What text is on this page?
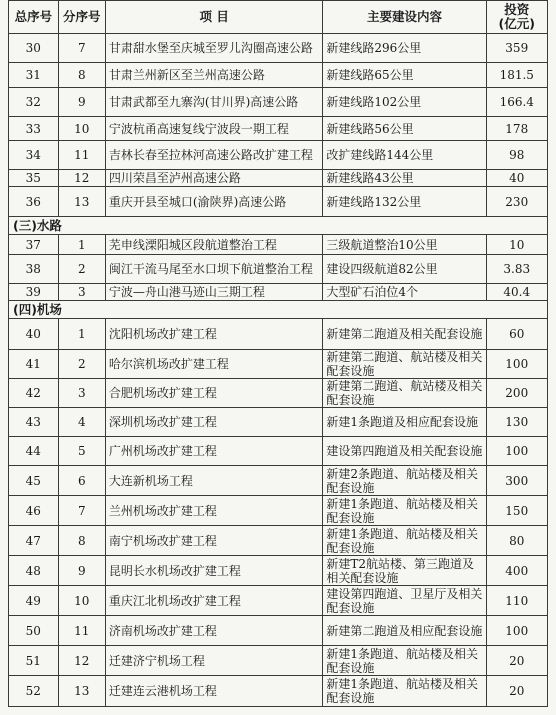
总序号	分序号	项 目	主要建设内容	投资
(亿元)
30	7	甘肃甜水堡至庆城至罗儿沟圈高速公路	新建线路296公里	359
31	8	甘肃兰州新区至兰州高速公路	新建线路65公里	181.5
32	9	甘肃武都至九寨沟(甘川界)高速公路	新建线路102公里	166.4
33	10	宁波杭甬高速复线宁波段一期工程	新建线路56公里	178
34	11	吉林长春至拉林河高速公路改扩建工程	改扩建线路144公里	98
35	12	四川荣昌至泸州高速公路	新建线路43公里	40
36	13	重庆开县至城口(渝陕界)高速公路	新建线路132公里	230
(三)水路				
37	1	芜申线溧阳城区段航道整治工程	三级航道整治10公里	10
38	2	闽江干流马尾至水口坝下航道整治工程	建设四级航道82公里	3.83
39	3	宁波—舟山港马迹山三期工程	大型矿石泊位4个	40.4
(四)机场				
40	1	沈阳机场改扩建工程	新建第二跑道及相关配套设施	60
41	2	哈尔滨机场改扩建工程	新建第二跑道、航站楼及相关配套设施	100
42	3	合肥机场改扩建工程	新建第二跑道、航站楼及相关配套设施	200
43	4	深圳机场改扩建工程	新建1条跑道及相应配套设施	130
44	5	广州机场改扩建工程	建设第四跑道及相关配套设施	100
45	6	大连新机场工程	新建2条跑道、航站楼及相关配套设施	300
46	7	兰州机场改扩建工程	新建1条跑道、航站楼及相关配套设施	150
47	8	南宁机场改扩建工程	新建1条跑道、航站楼及相关配套设施	80
48	9	昆明长水机场改扩建工程	新建T2航站楼、第三跑道及相关配套设施	400
49	10	重庆江北机场改扩建工程	建设第四跑道、卫星厅及相关配套设施	110
50	11	济南机场改扩建工程	新建第二跑道及相应配套设施	100
51	12	迁建济宁机场工程	新建1条跑道、航站楼及相关配套设施	20
52	13	迁建连云港机场工程	新建1条跑道、航站楼及相关配套设施	20
